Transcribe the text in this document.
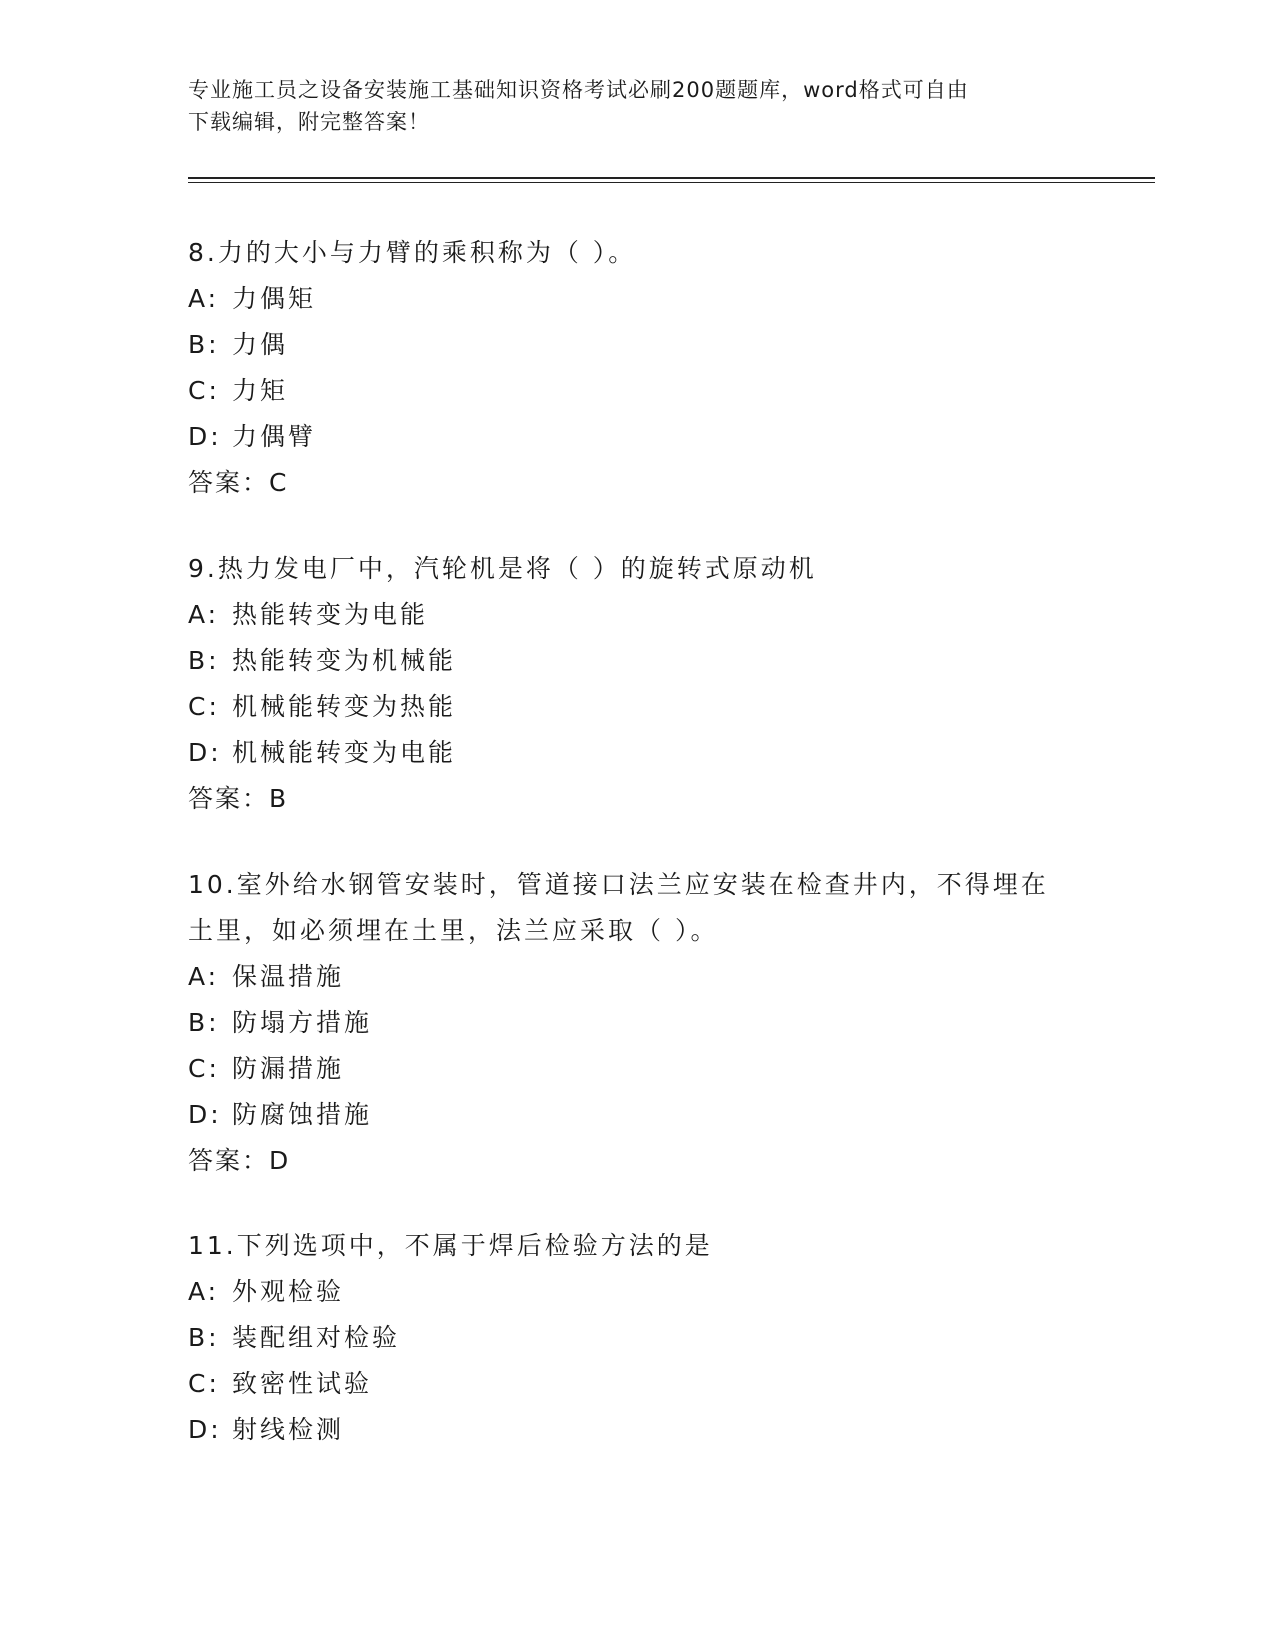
专业施工员之设备安装施工基础知识资格考试必刷200题题库，word格式可自由
下载编辑，附完整答案！

8.力的大小与力臂的乘积称为（ ）。

A: 力偶矩
B: 力偶
C: 力矩
D: 力偶臂

答案：C

9.热力发电厂中，汽轮机是将（ ）的旋转式原动机

A: 热能转变为电能
B: 热能转变为机械能
C: 机械能转变为热能
D: 机械能转变为电能

答案：B

10.室外给水钢管安装时，管道接口法兰应安装在检查井内，不得埋在

土里，如必须埋在土里，法兰应采取（ ）。

A: 保温措施
B: 防塌方措施
C: 防漏措施
D: 防腐蚀措施

答案：D

11.下列选项中，不属于焊后检验方法的是

A: 外观检验
B: 装配组对检验
C: 致密性试验
D: 射线检测
